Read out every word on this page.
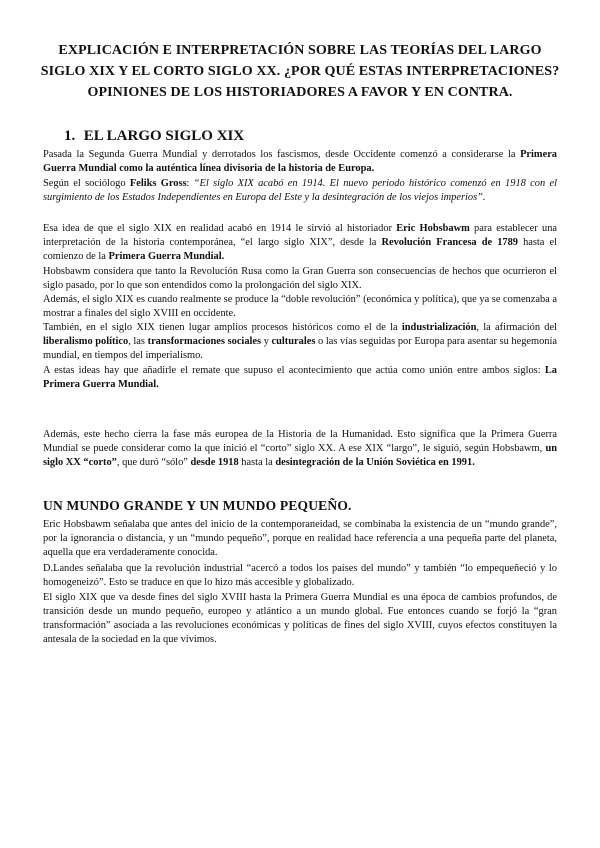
EXPLICACIÓN E INTERPRETACIÓN SOBRE LAS TEORÍAS DEL LARGO SIGLO XIX Y EL CORTO SIGLO XX. ¿POR QUÉ ESTAS INTERPRETACIONES? OPINIONES DE LOS HISTORIADORES A FAVOR Y EN CONTRA.
1. EL LARGO SIGLO XIX

Pasada la Segunda Guerra Mundial y derrotados los fascismos, desde Occidente comenzó a considerarse la Primera Guerra Mundial como la auténtica línea divisoria de la historia de Europa.

Según el sociólogo Feliks Gross: “El siglo XIX acabó en 1914. El nuevo periodo histórico comenzó en 1918 con el surgimiento de los Estados Independientes en Europa del Este y la desintegración de los viejos imperios”.

Esa idea de que el siglo XIX en realidad acabó en 1914 le sirvió al historiador Eric Hobsbawm para establecer una interpretación de la historia contemporánea, “el largo siglo XIX”, desde la Revolución Francesa de 1789 hasta el comienzo de la Primera Guerra Mundial.

Hobsbawm considera que tanto la Revolución Rusa como la Gran Guerra son consecuencias de hechos que ocurrieron el siglo pasado, por lo que son entendidos como la prolongación del siglo XIX.

Además, el siglo XIX es cuando realmente se produce la “doble revolución” (económica y política), que ya se comenzaba a mostrar a finales del siglo XVIII en occidente.

También, en el siglo XIX tienen lugar amplios procesos históricos como el de la industrialización, la afirmación del liberalismo político, las transformaciones sociales y culturales o las vías seguidas por Europa para asentar su hegemonía mundial, en tiempos del imperialismo.

A estas ideas hay que añadirle el remate que supuso el acontecimiento que actúa como unión entre ambos siglos: La Primera Guerra Mundial.

Además, este hecho cierra la fase más europea de la Historia de la Humanidad. Esto significa que la Primera Guerra Mundial se puede considerar como la que inició el “corto” siglo XX. A ese XIX “largo”, le siguió, según Hobsbawm, un siglo XX “corto”, que duró “sólo” desde 1918 hasta la desintegración de la Unión Soviética en 1991.

UN MUNDO GRANDE Y UN MUNDO PEQUEÑO.

Eric Hobsbawm señalaba que antes del inicio de la contemporaneidad, se combinaba la existencia de un “mundo grande”, por la ignorancia o distancia, y un “mundo pequeño”, porque en realidad hace referencia a una pequeña parte del planeta, aquella que era verdaderamente conocida.

D.Landes señalaba que la revolución industrial “acercó a todos los países del mundo” y también “lo empequeñeció y lo homogeneizó”. Esto se traduce en que lo hizo más accesible y globalizado.

El siglo XIX que va desde fines del siglo XVIII hasta la Primera Guerra Mundial es una época de cambios profundos, de transición desde un mundo pequeño, europeo y atlántico a un mundo global. Fue entonces cuando se forjó la “gran transformación” asociada a las revoluciones económicas y políticas de fines del siglo XVIII, cuyos efectos constituyen la antesala de la sociedad en la que vivimos.
